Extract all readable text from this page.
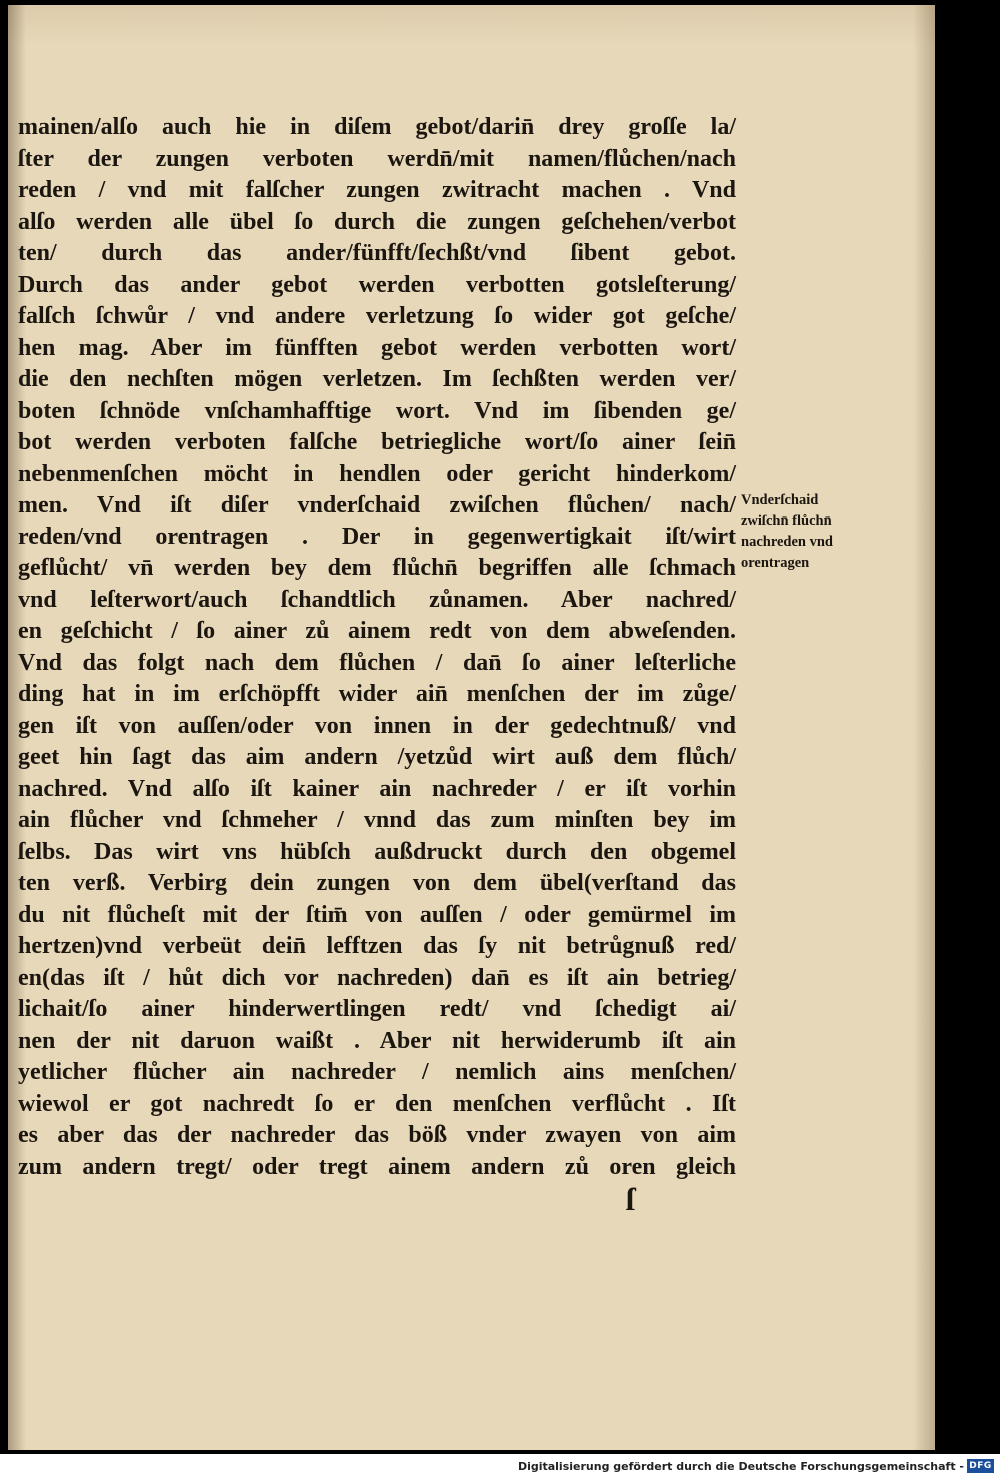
mainen/alſo auch hie in diſem gebot/darin̄ drey groſſe la/
ſter der zungen verboten werdn̄/mit namen/flůchen/nach
reden / vnd mit falſcher zungen zwitracht machen . Vnd
alſo werden alle übel ſo durch die zungen geſchehen/verbot
ten/ durch das ander/fünfft/ſechßt/vnd ſibent gebot.
Durch das ander gebot werden verbotten gotsleſterung/
falſch ſchwůr / vnd andere verletzung ſo wider got geſche/
hen mag. Aber im fünfften gebot werden verbotten wort/
die den nechſten mögen verletzen. Im ſechßten werden ver/
boten ſchnöde vnſchamhafftige wort. Vnd im ſibenden ge/
bot werden verboten falſche betriegliche wort/ſo ainer ſein̄
nebenmenſchen möcht in hendlen oder gericht hinderkom/
men. Vnd iſt diſer vnderſchaid zwiſchen flůchen/ nach/
reden/vnd orentragen . Der in gegenwertigkait iſt/wirt
geflůcht/ vn̄ werden bey dem flůchn̄ begriffen alle ſchmach
vnd leſterwort/auch ſchandtlich zůnamen. Aber nachred/
en geſchicht / ſo ainer zů ainem redt von dem abweſenden.
Vnd das folgt nach dem flůchen / dan̄ ſo ainer leſterliche
ding hat in im erſchöpfft wider ain̄ menſchen der im zůge/
gen iſt von auſſen/oder von innen in der gedechtnuß/ vnd
geet hin ſagt das aim andern /yetzůd wirt auß dem flůch/
nachred. Vnd alſo iſt kainer ain nachreder / er iſt vorhin
ain flůcher vnd ſchmeher / vnnd das zum minſten bey im
ſelbs. Das wirt vns hübſch außdruckt durch den obgemel
ten verß. Verbirg dein zungen von dem übel(verſtand das
du nit flůcheſt mit der ſtim̄ von auſſen / oder gemürmel im
hertzen)vnd verbeüt dein̄ lefftzen das ſy nit betrůgnuß red/
en(das iſt / hůt dich vor nachreden) dan̄ es iſt ain betrieg/
lichait/ſo ainer hinderwertlingen redt/ vnd ſchedigt ai/
nen der nit daruon waißt . Aber nit herwiderumb iſt ain
yetlicher flůcher ain nachreder / nemlich ains menſchen/
wiewol er got nachredt ſo er den menſchen verflůcht . Iſt
es aber das der nachreder das böß vnder zwayen von aim
zum andern tregt/ oder tregt ainem andern zů oren gleich
Vnderſchaid
zwiſchn̄ flůchn̄
nachreden vnd
orentragen
ſ
Digitalisierung gefördert durch die Deutsche Forschungsgemeinschaft - DFG
